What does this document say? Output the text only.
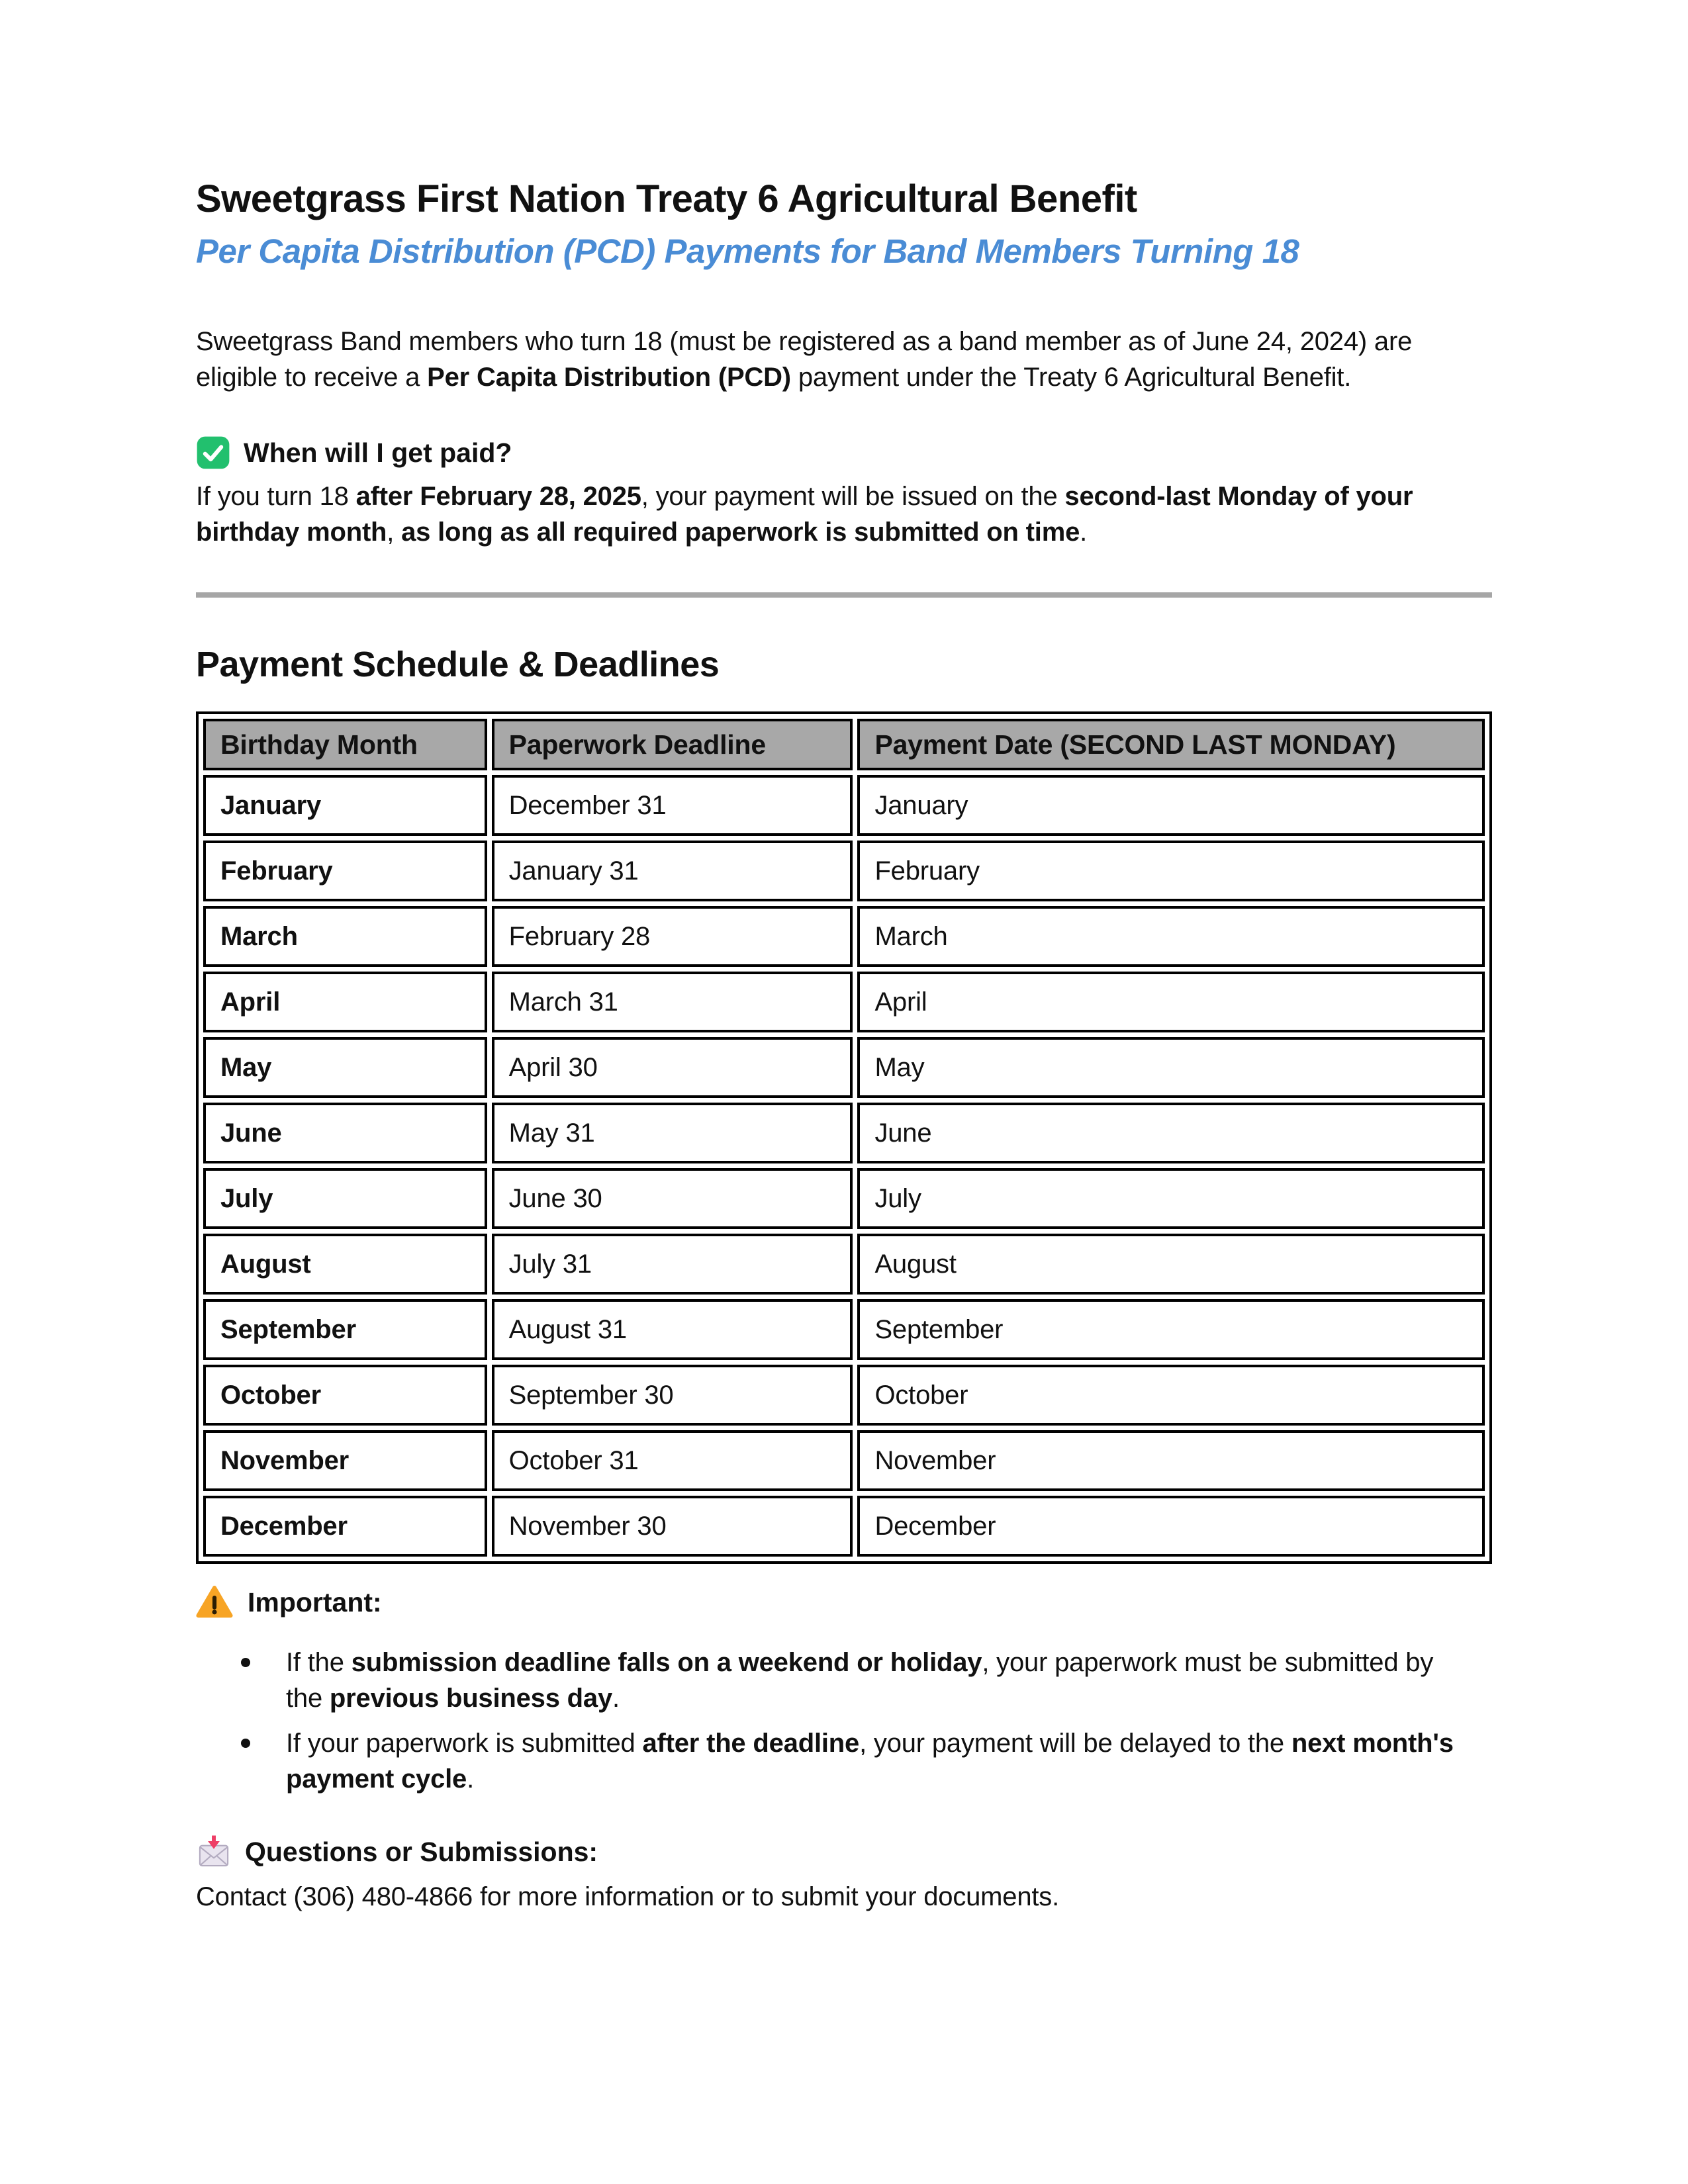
Sweetgrass First Nation Treaty 6 Agricultural Benefit
Per Capita Distribution (PCD) Payments for Band Members Turning 18

Sweetgrass Band members who turn 18 (must be registered as a band member as of June 24, 2024) are eligible to receive a Per Capita Distribution (PCD) payment under the Treaty 6 Agricultural Benefit.

When will I get paid?

If you turn 18 after February 28, 2025, your payment will be issued on the second-last Monday of your birthday month, as long as all required paperwork is submitted on time.

Payment Schedule & Deadlines
Birthday Month	Paperwork Deadline	Payment Date (SECOND LAST MONDAY)
January	December 31	January
February	January 31	February
March	February 28	March
April	March 31	April
May	April 30	May
June	May 31	June
July	June 30	July
August	July 31	August
September	August 31	September
October	September 30	October
November	October 31	November
December	November 30	December
Important:
If the submission deadline falls on a weekend or holiday, your paperwork must be submitted by the previous business day.
If your paperwork is submitted after the deadline, your payment will be delayed to the next month's payment cycle.
Questions or Submissions:

Contact (306) 480-4866 for more information or to submit your documents.
